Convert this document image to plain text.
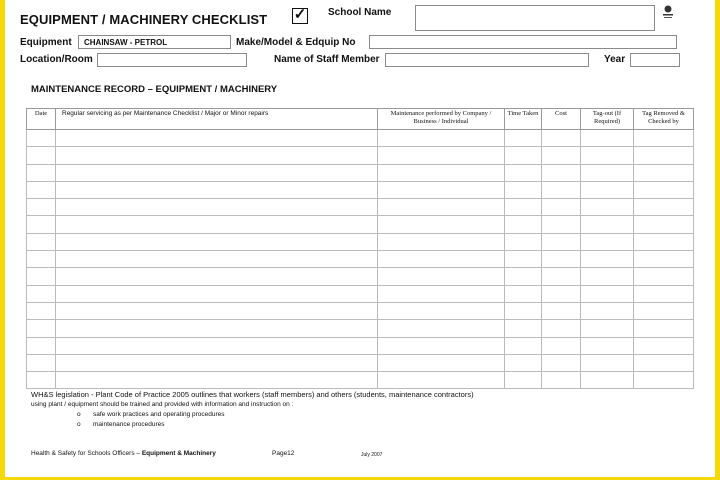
EQUIPMENT / MACHINERY CHECKLIST ✓ School Name
Equipment	CHAINSAW - PETROL	Make/Model & Edquip No
Location/Room	Name of Staff Member	Year
MAINTENANCE RECORD – EQUIPMENT / MACHINERY
Date	Regular servicing as per Maintenance Checklist / Major or Minor repairs	Maintenance performed by Company / Business / Individual	Time Taken	Cost	Tag-out (If Required)	Tag Removed & Checked by

WH&S legislation - Plant Code of Practice 2005 outlines that workers (staff members) and others (students, maintenance contractors)
using plant / equipment should be trained and provided with information and instruction on :
o safe work practices and operating procedures
o maintenance procedures
Health & Safety for Schools Officers – Equipment & Machinery	Page12	July 2007
